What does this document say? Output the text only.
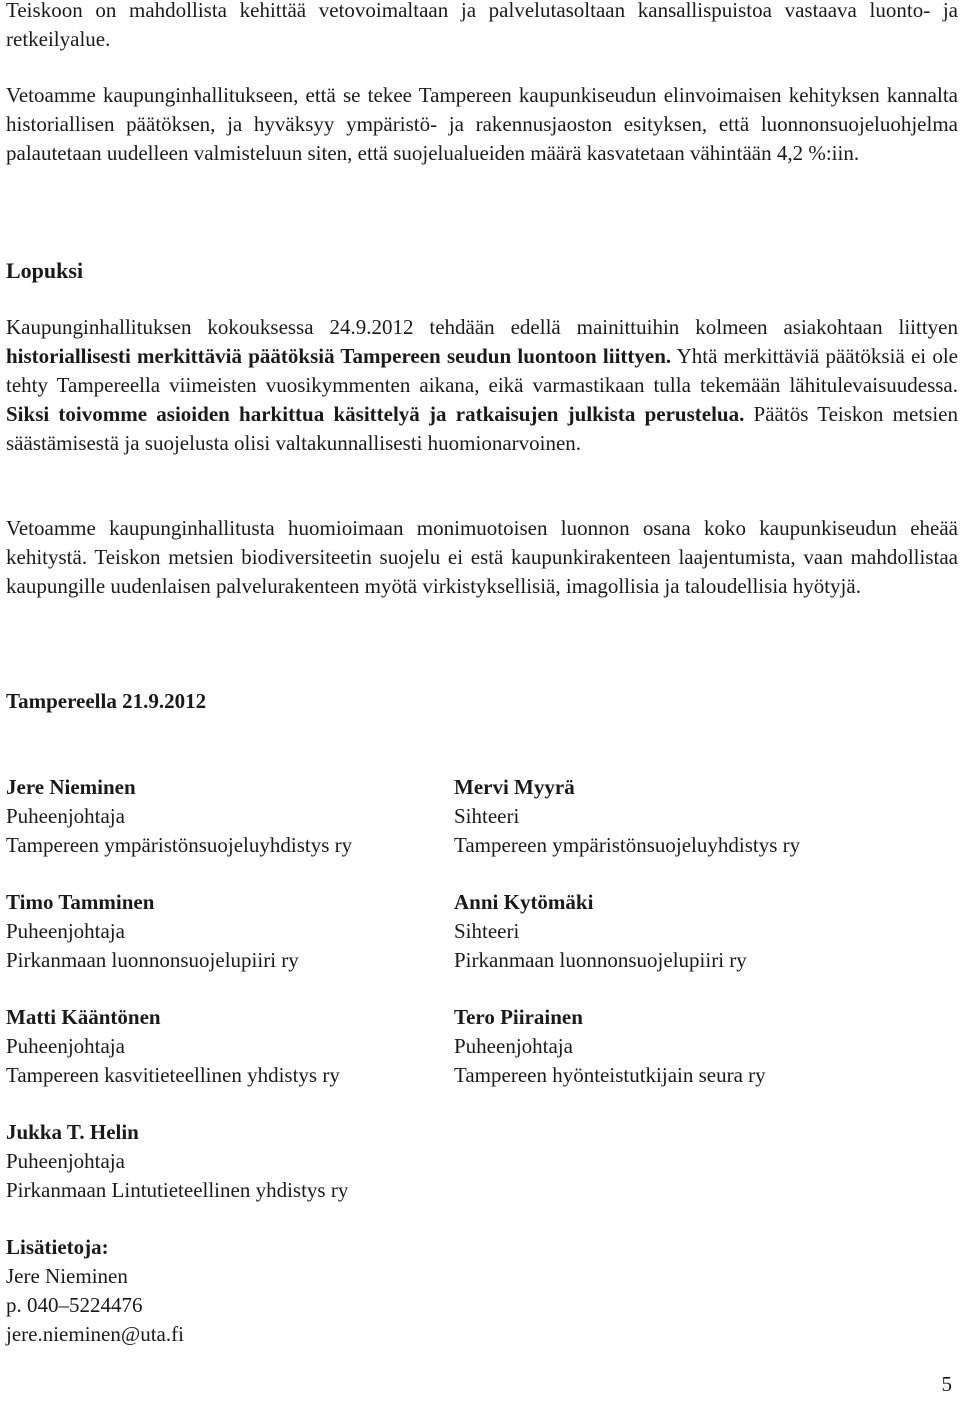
Teiskoon on mahdollista kehittää vetovoimaltaan ja palvelutasoltaan kansallispuistoa vastaava luonto- ja retkeilyalue.

Vetoamme kaupunginhallitukseen, että se tekee Tampereen kaupunkiseudun elinvoimaisen kehityksen kannalta historiallisen päätöksen, ja hyväksyy ympäristö- ja rakennusjaoston esityksen, että luonnonsuojeluohjelma palautetaan uudelleen valmisteluun siten, että suojelualueiden määrä kasvatetaan vähintään 4,2 %:iin.

Lopuksi

Kaupunginhallituksen kokouksessa 24.9.2012 tehdään edellä mainittuihin kolmeen asiakohtaan liittyen historiallisesti merkittäviä päätöksiä Tampereen seudun luontoon liittyen. Yhtä merkittäviä päätöksiä ei ole tehty Tampereella viimeisten vuosikymmenten aikana, eikä varmastikaan tulla tekemään lähitulevaisuudessa. Siksi toivomme asioiden harkittua käsittelyä ja ratkaisujen julkista perustelua. Päätös Teiskon metsien säästämisestä ja suojelusta olisi valtakunnallisesti huomionarvoinen.

Vetoamme kaupunginhallitusta huomioimaan monimuotoisen luonnon osana koko kaupunkiseudun eheää kehitystä. Teiskon metsien biodiversiteetin suojelu ei estä kaupunkirakenteen laajentumista, vaan mahdollistaa kaupungille uudenlaisen palvelurakenteen myötä virkistyksellisiä, imagollisia ja taloudellisia hyötyjä.

Tampereella 21.9.2012
Jere Nieminen
Puheenjohtaja
Tampereen ympäristönsuojeluyhdistys ry
Mervi Myyrä
Sihteeri
Tampereen ympäristönsuojeluyhdistys ry
Timo Tamminen
Puheenjohtaja
Pirkanmaan luonnonsuojelupiiri ry
Anni Kytömäki
Sihteeri
Pirkanmaan luonnonsuojelupiiri ry
Matti Kääntönen
Puheenjohtaja
Tampereen kasvitieteellinen yhdistys ry
Tero Piirainen
Puheenjohtaja
Tampereen hyönteistutkijain seura ry
Jukka T. Helin
Puheenjohtaja
Pirkanmaan Lintutieteellinen yhdistys ry
Lisätietoja:
Jere Nieminen
p. 040–5224476
jere.nieminen@uta.fi
5
